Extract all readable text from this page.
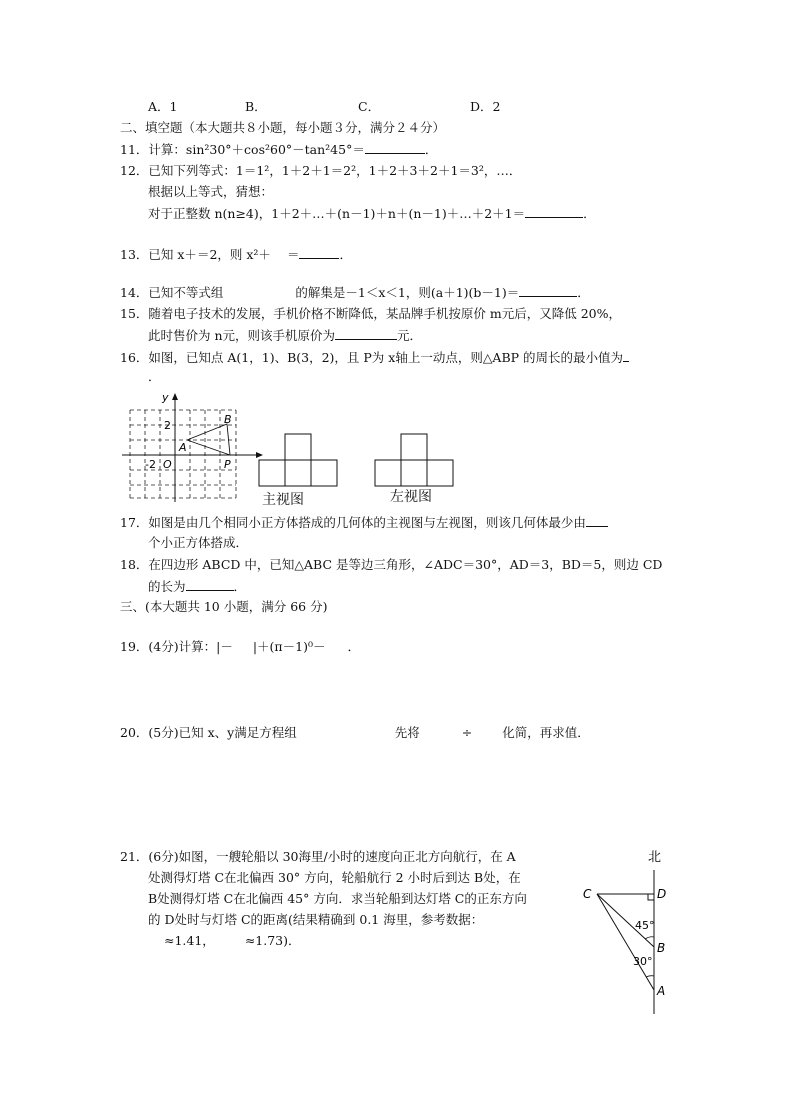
A．1	B．	C．	D．2
二、填空题（本大题共８小题，每小题３分，满分２４分）
11．计算：sin²30°＋cos²60°－tan²45°＝	．
12．已知下列等式：1＝1²，1＋2＋1＝2²，1＋2＋3＋2＋1＝3²，…．
根据以上等式，猜想：
对于正整数 n(n≥4)，1＋2＋…＋(n－1)＋n＋(n－1)＋…＋2＋1＝	．
13．已知 x＋＝2，则 x²＋ ＝	．
14．已知不等式组	的解集是－1＜x＜1，则(a＋1)(b－1)＝	．
15．随着电子技术的发展，手机价格不断降低，某品牌手机按原价 m元后，又降低 20%，
此时售价为 n元，则该手机原价为	元．
16．如图，已知点 A(1，1)、B(3，2)，且 P为 x轴上一动点，则△ABP 的周长的最小值为
．
y
2
-2 O
A
B
P
主视图	左视图
17．如图是由几个相同小正方体搭成的几何体的主视图与左视图，则该几何体最少由
个小正方体搭成．
18．在四边形 ABCD 中，已知△ABC 是等边三角形，∠ADC＝30°，AD＝3，BD＝5，则边 CD
的长为	．
三、(本大题共 10 小题，满分 66 分)
19．(4分)计算：|－ |＋(π－1)⁰－ ．
20．(5分)已知 x、y满足方程组	先将	÷ 化简，再求值．
21．(6分)如图，一艘轮船以 30海里/小时的速度向正北方向航行，在 A
处测得灯塔 C在北偏西 30° 方向，轮船航行 2 小时后到达 B处，在
B处测得灯塔 C在北偏西 45° 方向．求当轮船到达灯塔 C的正东方向
的 D处时与灯塔 C的距离(结果精确到 0.1 海里，参考数据：
≈1.41， ≈1.73)．
北
C	D
B
A
45°
30°
